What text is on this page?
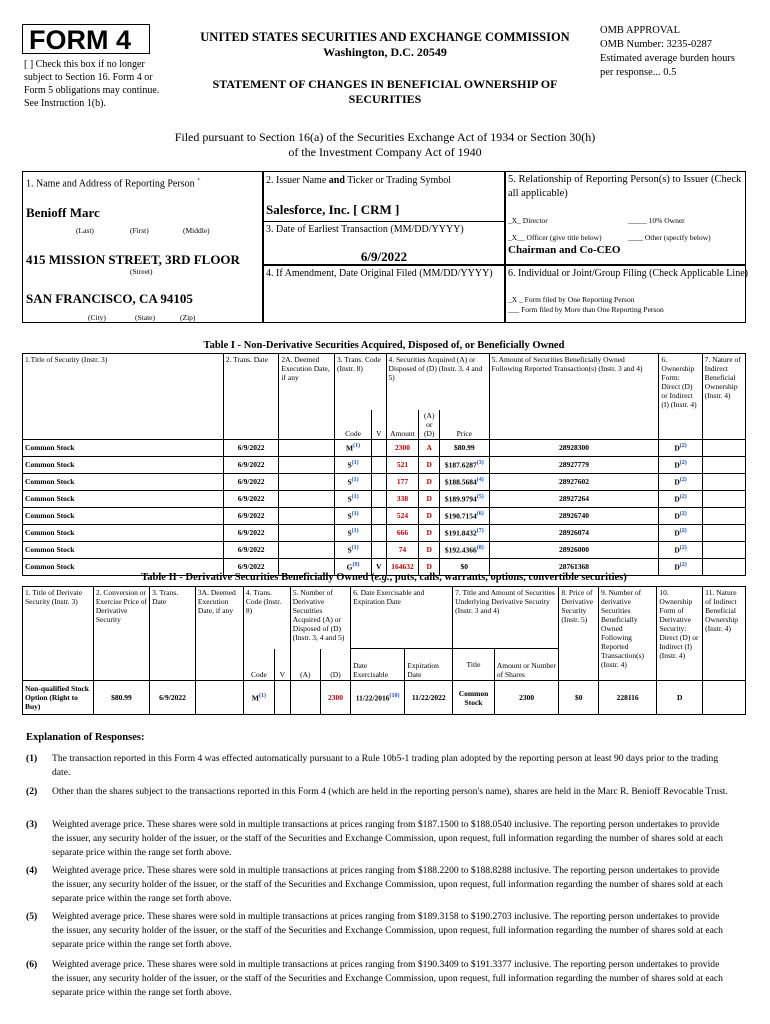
FORM 4
[ ] Check this box if no longer subject to Section 16. Form 4 or Form 5 obligations may continue. See Instruction 1(b).
UNITED STATES SECURITIES AND EXCHANGE COMMISSION
Washington, D.C. 20549
STATEMENT OF CHANGES IN BENEFICIAL OWNERSHIP OF SECURITIES
OMB APPROVAL
OMB Number: 3235-0287
Estimated average burden hours per response... 0.5
Filed pursuant to Section 16(a) of the Securities Exchange Act of 1934 or Section 30(h) of the Investment Company Act of 1940
1. Name and Address of Reporting Person *
Benioff Marc
(Last)	(First)	(Middle)
415 MISSION STREET, 3RD FLOOR
(Street)
SAN FRANCISCO, CA 94105
(City)	(State)	(Zip)
2. Issuer Name and Ticker or Trading Symbol
Salesforce, Inc. [ CRM ]
3. Date of Earliest Transaction (MM/DD/YYYY)
6/9/2022
4. If Amendment, Date Original Filed (MM/DD/YYYY)
5. Relationship of Reporting Person(s) to Issuer (Check all applicable)
_X_ Director	_____ 10% Owner
_X__ Officer (give title below)	____ Other (specify below)
Chairman and Co-CEO
6. Individual or Joint/Group Filing (Check Applicable Line)
_X _ Form filed by One Reporting Person
___ Form filed by More than One Reporting Person
Table I - Non-Derivative Securities Acquired, Disposed of, or Beneficially Owned
1.Title of Security (Instr. 3)	2. Trans. Date	2A. Deemed Execution Date, if any	3. Trans. Code (Instr. 8)		4. Securities Acquired (A) or Disposed of (D) (Instr. 3, 4 and 5)			5. Amount of Securities Beneficially Owned Following Reported Transaction(s) (Instr. 3 and 4)	6. Ownership Form: Direct (D) or Indirect (I) (Instr. 4)	7. Nature of Indirect Beneficial Ownership (Instr. 4)
			Code	V	Amount	(A) or (D)	Price			
Common Stock	6/9/2022		$M^{(1)}$		2300	A	$80.99	28928300	$D^{(2)}$	
Common Stock	6/9/2022		$S^{(1)}$		521	D	$187.6287$^{(3)}$	28927779	$D^{(2)}$	
Common Stock	6/9/2022		$S^{(1)}$		177	D	$188.5684$^{(4)}$	28927602	$D^{(2)}$	
Common Stock	6/9/2022		$S^{(1)}$		338	D	$189.9794$^{(5)}$	28927264	$D^{(2)}$	
Common Stock	6/9/2022		$S^{(1)}$		524	D	$190.7154$^{(6)}$	28926740	$D^{(2)}$	
Common Stock	6/9/2022		$S^{(1)}$		666	D	$191.8432$^{(7)}$	28926074	$D^{(2)}$	
Common Stock	6/9/2022		$S^{(1)}$		74	D	$192.4366$^{(8)}$	28926000	$D^{(2)}$	
Common Stock	6/9/2022		$G^{(9)}$	V	164632	D	$0	28761368	$D^{(2)}$	
Table II - Derivative Securities Beneficially Owned (e.g., puts, calls, warrants, options, convertible securities)
1. Title of Derivate Security (Instr. 3)	2. Conversion or Exercise Price of Derivative Security	3. Trans. Date	3A. Deemed Execution Date, if any	4. Trans. Code (Instr. 8)		5. Number of Derivative Securities Acquired (A) or Disposed of (D) (Instr. 3, 4 and 5)		6. Date Exercisable and Expiration Date		7. Title and Amount of Securities Underlying Derivative Security (Instr. 3 and 4)		8. Price of Derivative Security (Instr. 5)	9. Number of derivative Securities Beneficially Owned Following Reported Transaction(s) (Instr. 4)	10. Ownership Form of Derivative Security: Direct (D) or Indirect (I) (Instr. 4)	11. Nature of Indirect Beneficial Ownership (Instr. 4)
				Code	V	(A)	(D)	Date Exercisable	Expiration Date	Title	Amount or Number of Shares				
Non-qualified Stock Option (Right to Buy)	$80.99	6/9/2022		$M^{(1)}$			2300	11/22/2016$^{(10)}$	11/22/2022	Common Stock	2300	$0	228116	D	
Explanation of Responses:
(1) The transaction reported in this Form 4 was effected automatically pursuant to a Rule 10b5-1 trading plan adopted by the reporting person at least 90 days prior to the trading date.
(2) Other than the shares subject to the transactions reported in this Form 4 (which are held in the reporting person's name), shares are held in the Marc R. Benioff Revocable Trust.
(3) Weighted average price. These shares were sold in multiple transactions at prices ranging from $187.1500 to $188.0540 inclusive. The reporting person undertakes to provide the issuer, any security holder of the issuer, or the staff of the Securities and Exchange Commission, upon request, full information regarding the number of shares sold at each separate price within the range set forth above.
(4) Weighted average price. These shares were sold in multiple transactions at prices ranging from $188.2200 to $188.8288 inclusive. The reporting person undertakes to provide the issuer, any security holder of the issuer, or the staff of the Securities and Exchange Commission, upon request, full information regarding the number of shares sold at each separate price within the range set forth above.
(5) Weighted average price. These shares were sold in multiple transactions at prices ranging from $189.3158 to $190.2703 inclusive. The reporting person undertakes to provide the issuer, any security holder of the issuer, or the staff of the Securities and Exchange Commission, upon request, full information regarding the number of shares sold at each separate price within the range set forth above.
(6) Weighted average price. These shares were sold in multiple transactions at prices ranging from $190.3409 to $191.3377 inclusive. The reporting person undertakes to provide the issuer, any security holder of the issuer, or the staff of the Securities and Exchange Commission, upon request, full information regarding the number of shares sold at each separate price within the range set forth above.
